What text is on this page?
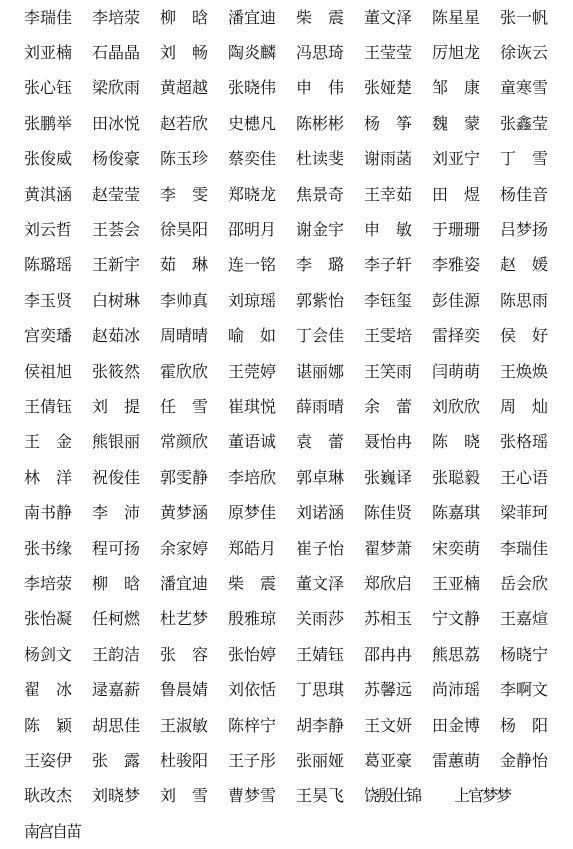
李瑞佳	李培荥	柳　晗	潘宜迪	柴　震	董文泽	陈星星	张一帆
刘亚楠	石晶晶	刘　畅	陶炎麟	冯思琦	王莹莹	厉旭龙	徐诙云
张心钰	梁欣雨	黄超越	张晓伟	申　伟	张娅楚	邹　康	童寒雪
张鹏举	田冰悦	赵若欣	史槵凡	陈彬彬	杨　筝	魏　蒙	张鑫莹
张俊威	杨俊豪	陈玉珍	蔡奕佳	杜读斐	谢雨菡	刘亚宁	丁　雪
黄淇涵	赵莹莹	李　雯	郑晓龙	焦景奇	王幸茹	田　煜	杨佳音
刘云哲	王荟会	徐昊阳	邵明月	谢金宇	申　敏	于珊珊	吕梦扬
陈璐瑶	王新宇	茹　琳	连一铭	李　璐	李子轩	李雅姿	赵　媛
李玉贤	白树琳	李帅真	刘琼瑶	郭紫怡	李钰玺	彭佳源	陈思雨
宫奕璠	赵茹冰	周晴晴	喻　如	丁会佳	王雯培	雷择奕	侯　好
侯祖旭	张筱然	霍欣欣	王莞婷	谌丽娜	王笑雨	闫萌萌	王焕焕
王倩钰	刘　提	任　雪	崔琪悦	薛雨晴	余　蕾	刘欣欣	周　灿
王　金	熊银丽	常颜欣	董语诚	袁　蕾	聂怡冉	陈　晓	张格瑶
林　洋	祝俊佳	郭雯静	李培欣	郭卓琳	张巍译	张聪毅	王心语
南书静	李　沛	黄梦涵	原梦佳	刘诺涵	陈佳贤	陈嘉琪	梁菲珂
张书缘	程可扬	余家婷	郑皓月	崔子怡	翟梦萧	宋奕萌	李瑞佳
李培荥	柳　晗	潘宜迪	柴　震	董文泽	郑欣启	王亚楠	岳会欣
张怡凝	任柯燃	杜艺梦	殷雅琼	关雨莎	苏相玉	宁文静	王嘉煊
杨剑文	王韵洁	张　容	张怡婷	王婧钰	邵冉冉	熊思荔	杨晓宁
翟　冰	逯嘉薪	鲁晨婧	刘依恬	丁思琪	苏馨远	尚沛瑶	李啊文
陈　颖	胡思佳	王淑敏	陈梓宁	胡李静	王文妍	田金博	杨　阳
王姿伊	张　露	杜骏阳	王子彤	张丽娅	葛亚豪	雷蕙萌	金静怡
耿改杰	刘晓梦	刘　雪	曹梦雪	王昊飞	饶殷仕锦	上官梦梦
南宫自苗
